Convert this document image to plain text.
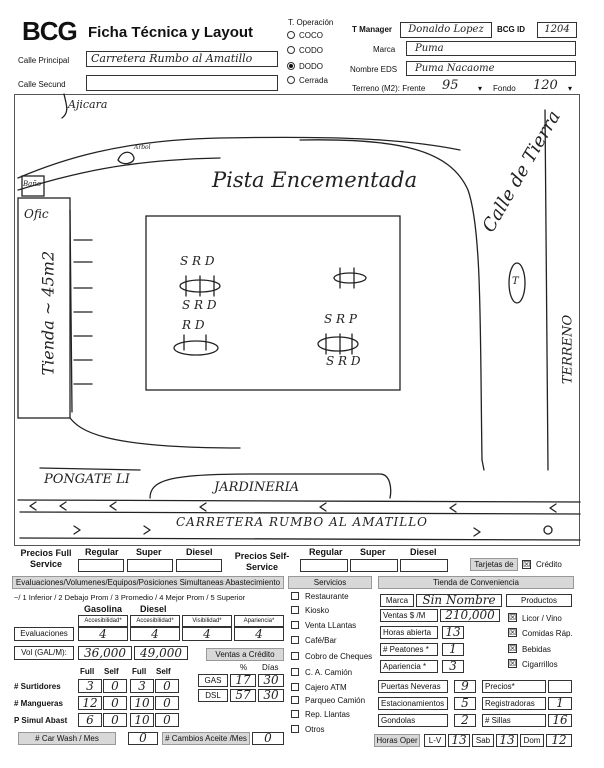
BCG Ficha Técnica y Layout
Calle Principal	Carretera Rumbo al Amatillo
Calle Secund
T. Operación
COCO
CODO
DODO
Cerrada
T Manager	Donaldo Lopez	BCG ID	1204
Marca	Puma
Nombre EDS	Puma Nacaome
Terreno (M2): Frente 95 ▾ Fondo 120 ▾
Ajicara
Arbol
Baño
Ofic
Tienda ~ 45m2
Pista Encementada	Calle de Tierra
TERRENO
T
PONGATE LI
JARDINERIA
CARRETERA RUMBO AL AMATILLO
S R D
S R D
R D	S R P
S R D
Precios Full Service
Regular Super	Diesel	Precios Self-Service
Regular Super	Diesel
Tarjetas de	☒ Crédito
Evaluaciones/Volumenes/Equipos/Posiciones Simultaneas Abastecimiento
~/ 1 Inferior / 2 Debajo Prom / 3 Promedio / 4 Mejor Prom / 5 Superior
Gasolina Diesel
Accesibilidad*	Accesibilidad*	Visibilidad*	Apariencia*
Evaluaciones	4	4	4	4
Vol (GAL/M):	36,000	49,000	Ventas a Crédito
% Días
GAS	17	30
DSL	57	30
Full Self Full Self
# Surtidores	3	0	3	0
# Mangueras	12	0	10	0
P Simul Abast	6	0	10	0
# Car Wash / Mes	0	# Cambios Aceite /Mes	0
Servicios
Restaurante
Kiosko
Venta LLantas
Café/Bar
Cobro de Cheques
C. A. Camión
Cajero ATM
Parqueo Camión
Rep. Llantas
Otros
Tienda de Conveniencia
Marca	Sin Nombre	Productos
Ventas $ /M	210,000
Horas abierta	13
# Peatones *	1
Apariencia *	3
☒ Licor / Vino
☒ Comidas Ráp.
☒ Bebidas
☒ Cigarrillos
Puertas Neveras	9	Precios*
Estacionamientos	5	Registradoras	1
Gondolas	2	# Sillas	16
Horas Oper	L-V 13	Sab 13	Dom 12
